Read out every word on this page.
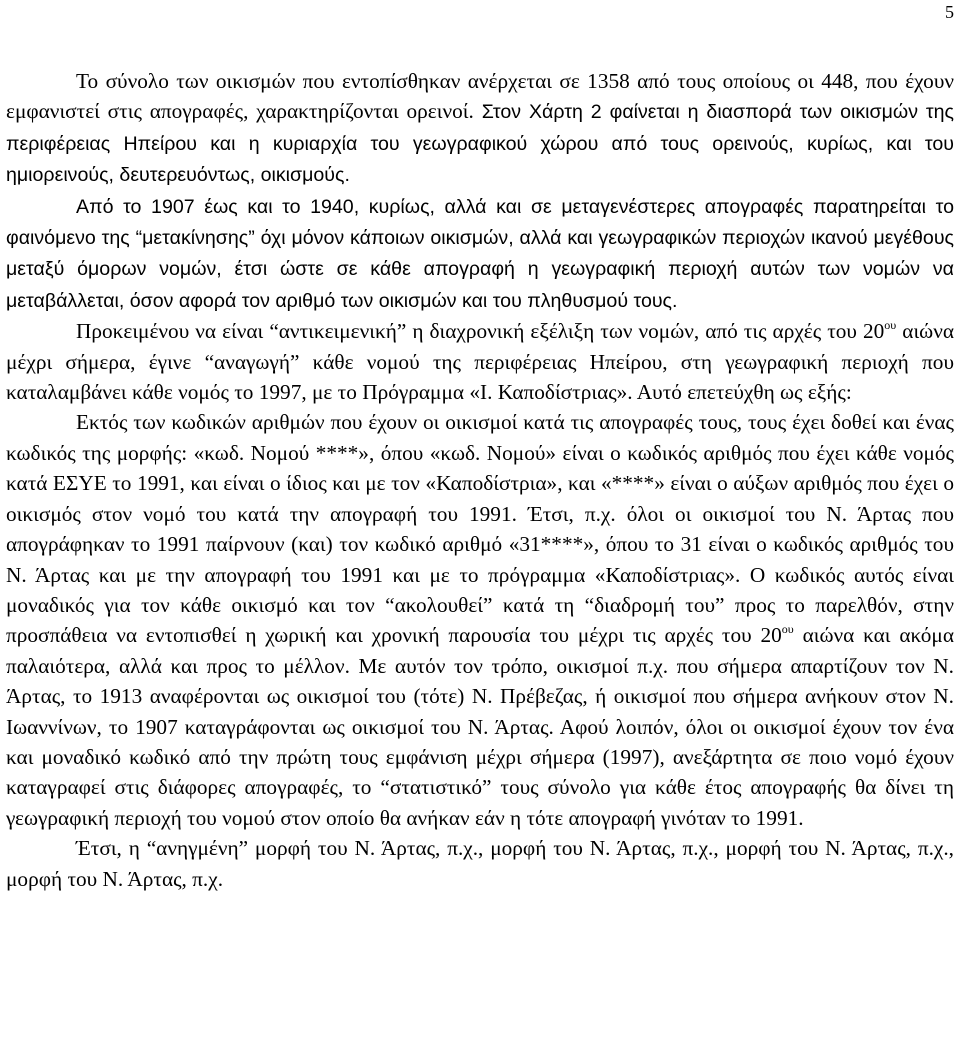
5

Το σύνολο των οικισμών που εντοπίσθηκαν ανέρχεται σε 1358 από τους οποίους οι 448, που έχουν εμφανιστεί στις απογραφές, χαρακτηρίζονται ορεινοί. Στον Χάρτη 2 φαίνεται η διασπορά των οικισμών της περιφέρειας Ηπείρου και η κυριαρχία του γεωγραφικού χώρου από τους ορεινούς, κυρίως, και του ημιορεινούς, δευτερευόντως, οικισμούς.

Από το 1907 έως και το 1940, κυρίως, αλλά και σε μεταγενέστερες απογραφές παρατηρείται το φαινόμενο της “μετακίνησης” όχι μόνον κάποιων οικισμών, αλλά και γεωγραφικών περιοχών ικανού μεγέθους μεταξύ όμορων νομών, έτσι ώστε σε κάθε απογραφή η γεωγραφική περιοχή αυτών των νομών να μεταβάλλεται, όσον αφορά τον αριθμό των οικισμών και του πληθυσμού τους.

Προκειμένου να είναι “αντικειμενική” η διαχρονική εξέλιξη των νομών, από τις αρχές του $20^{o\upsilon}$ αιώνα μέχρι σήμερα, έγινε “αναγωγή” κάθε νομού της περιφέρειας Ηπείρου, στη γεωγραφική περιοχή που καταλαμβάνει κάθε νομός το 1997, με το Πρόγραμμα «Ι. Καποδίστριας». Αυτό επετεύχθη ως εξής:

Εκτός των κωδικών αριθμών που έχουν οι οικισμοί κατά τις απογραφές τους, τους έχει δοθεί και ένας κωδικός της μορφής: «κωδ. Νομού ****», όπου «κωδ. Νομού» είναι ο κωδικός αριθμός που έχει κάθε νομός κατά ΕΣΥΕ το 1991, και είναι ο ίδιος και με τον «Καποδίστρια», και «****» είναι ο αύξων αριθμός που έχει ο οικισμός στον νομό του κατά την απογραφή του 1991. Έτσι, π.χ. όλοι οι οικισμοί του Ν. Άρτας που απογράφηκαν το 1991 παίρνουν (και) τον κωδικό αριθμό «31****», όπου το 31 είναι ο κωδικός αριθμός του Ν. Άρτας και με την απογραφή του 1991 και με το πρόγραμμα «Καποδίστριας». Ο κωδικός αυτός είναι μοναδικός για τον κάθε οικισμό και τον “ακολουθεί” κατά τη “διαδρομή του” προς το παρελθόν, στην προσπάθεια να εντοπισθεί η χωρική και χρονική παρουσία του μέχρι τις αρχές του $20^{o\upsilon}$ αιώνα και ακόμα παλαιότερα, αλλά και προς το μέλλον. Με αυτόν τον τρόπο, οικισμοί π.χ. που σήμερα απαρτίζουν τον Ν. Άρτας, το 1913 αναφέρονται ως οικισμοί του (τότε) Ν. Πρέβεζας, ή οικισμοί που σήμερα ανήκουν στον Ν. Ιωαννίνων, το 1907 καταγράφονται ως οικισμοί του Ν. Άρτας. Αφού λοιπόν, όλοι οι οικισμοί έχουν τον ένα και μοναδικό κωδικό από την πρώτη τους εμφάνιση μέχρι σήμερα (1997), ανεξάρτητα σε ποιο νομό έχουν καταγραφεί στις διάφορες απογραφές, το “στατιστικό” τους σύνολο για κάθε έτος απογραφής θα δίνει τη γεωγραφική περιοχή του νομού στον οποίο θα ανήκαν εάν η τότε απογραφή γινόταν το 1991.

Έτσι, η “ανηγμένη” μορφή του Ν. Άρτας, π.χ., μορφή του Ν. Άρτας, π.χ., μορφή του Ν. Άρτας, π.χ., μορφή του Ν. Άρτας, π.χ.
